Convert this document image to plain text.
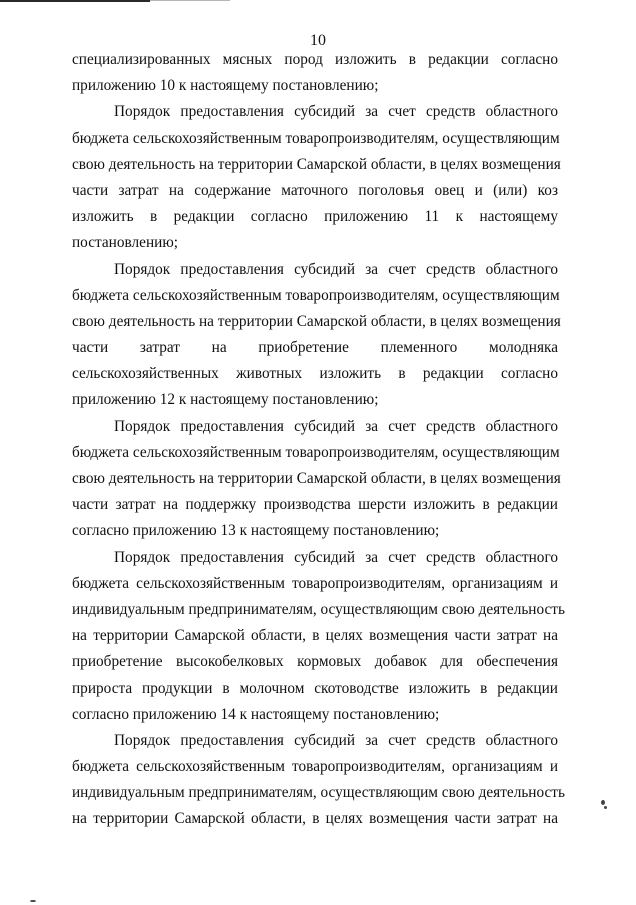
10
специализированных мясных пород изложить в редакции согласно
приложению 10 к настоящему постановлению;
Порядок предоставления субсидий за счет средств областного
бюджета сельскохозяйственным товаропроизводителям, осуществляющим
свою деятельность на территории Самарской области, в целях возмещения
части затрат на содержание маточного поголовья овец и (или) коз
изложить в редакции согласно приложению 11 к настоящему
постановлению;
Порядок предоставления субсидий за счет средств областного
бюджета сельскохозяйственным товаропроизводителям, осуществляющим
свою деятельность на территории Самарской области, в целях возмещения
части затрат на приобретение племенного молодняка
сельскохозяйственных животных изложить в редакции согласно
приложению 12 к настоящему постановлению;
Порядок предоставления субсидий за счет средств областного
бюджета сельскохозяйственным товаропроизводителям, осуществляющим
свою деятельность на территории Самарской области, в целях возмещения
части затрат на поддержку производства шерсти изложить в редакции
согласно приложению 13 к настоящему постановлению;
Порядок предоставления субсидий за счет средств областного
бюджета сельскохозяйственным товаропроизводителям, организациям и
индивидуальным предпринимателям, осуществляющим свою деятельность
на территории Самарской области, в целях возмещения части затрат на
приобретение высокобелковых кормовых добавок для обеспечения
прироста продукции в молочном скотоводстве изложить в редакции
согласно приложению 14 к настоящему постановлению;
Порядок предоставления субсидий за счет средств областного
бюджета сельскохозяйственным товаропроизводителям, организациям и
индивидуальным предпринимателям, осуществляющим свою деятельность
на территории Самарской области, в целях возмещения части затрат на
